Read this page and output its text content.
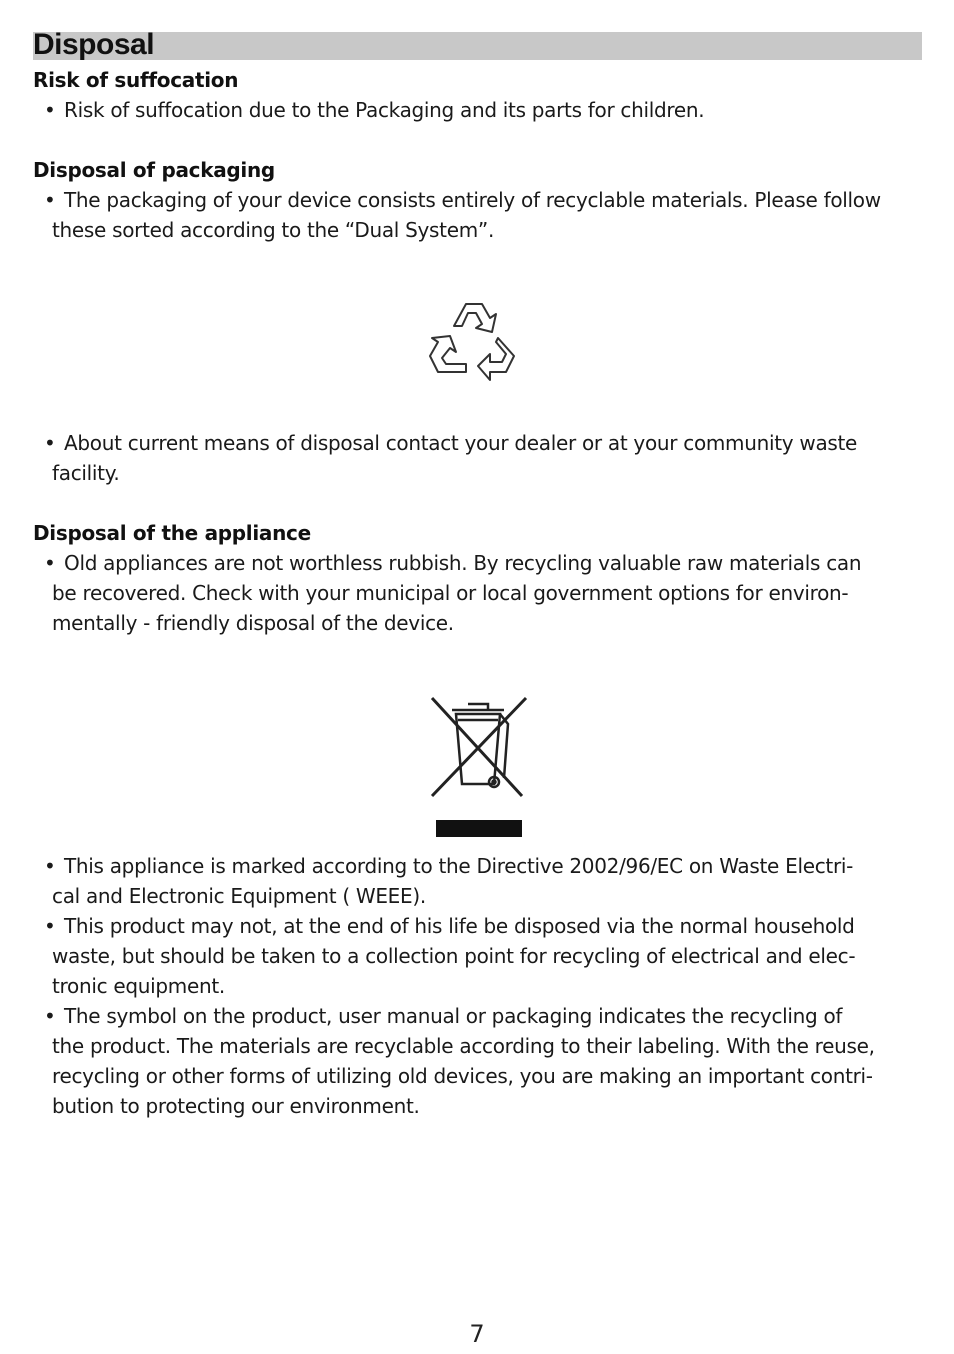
Disposal
Risk of suffocation
• Risk of suffocation due to the Packaging and its parts for children.
Disposal of packaging
• The packaging of your device consists entirely of recyclable materials. Please follow
these sorted according to the “Dual System”.
• About current means of disposal contact your dealer or at your community waste
facility.
Disposal of the appliance
• Old appliances are not worthless rubbish. By recycling valuable raw materials can
be recovered. Check with your municipal or local government options for environ-
mentally - friendly disposal of the device.
• This appliance is marked according to the Directive 2002/96/EC on Waste Electri-
cal and Electronic Equipment ( WEEE).
• This product may not, at the end of his life be disposed via the normal household
waste, but should be taken to a collection point for recycling of electrical and elec-
tronic equipment.
• The symbol on the product, user manual or packaging indicates the recycling of
the product. The materials are recyclable according to their labeling. With the reuse,
recycling or other forms of utilizing old devices, you are making an important contri-
bution to protecting our environment.
7
